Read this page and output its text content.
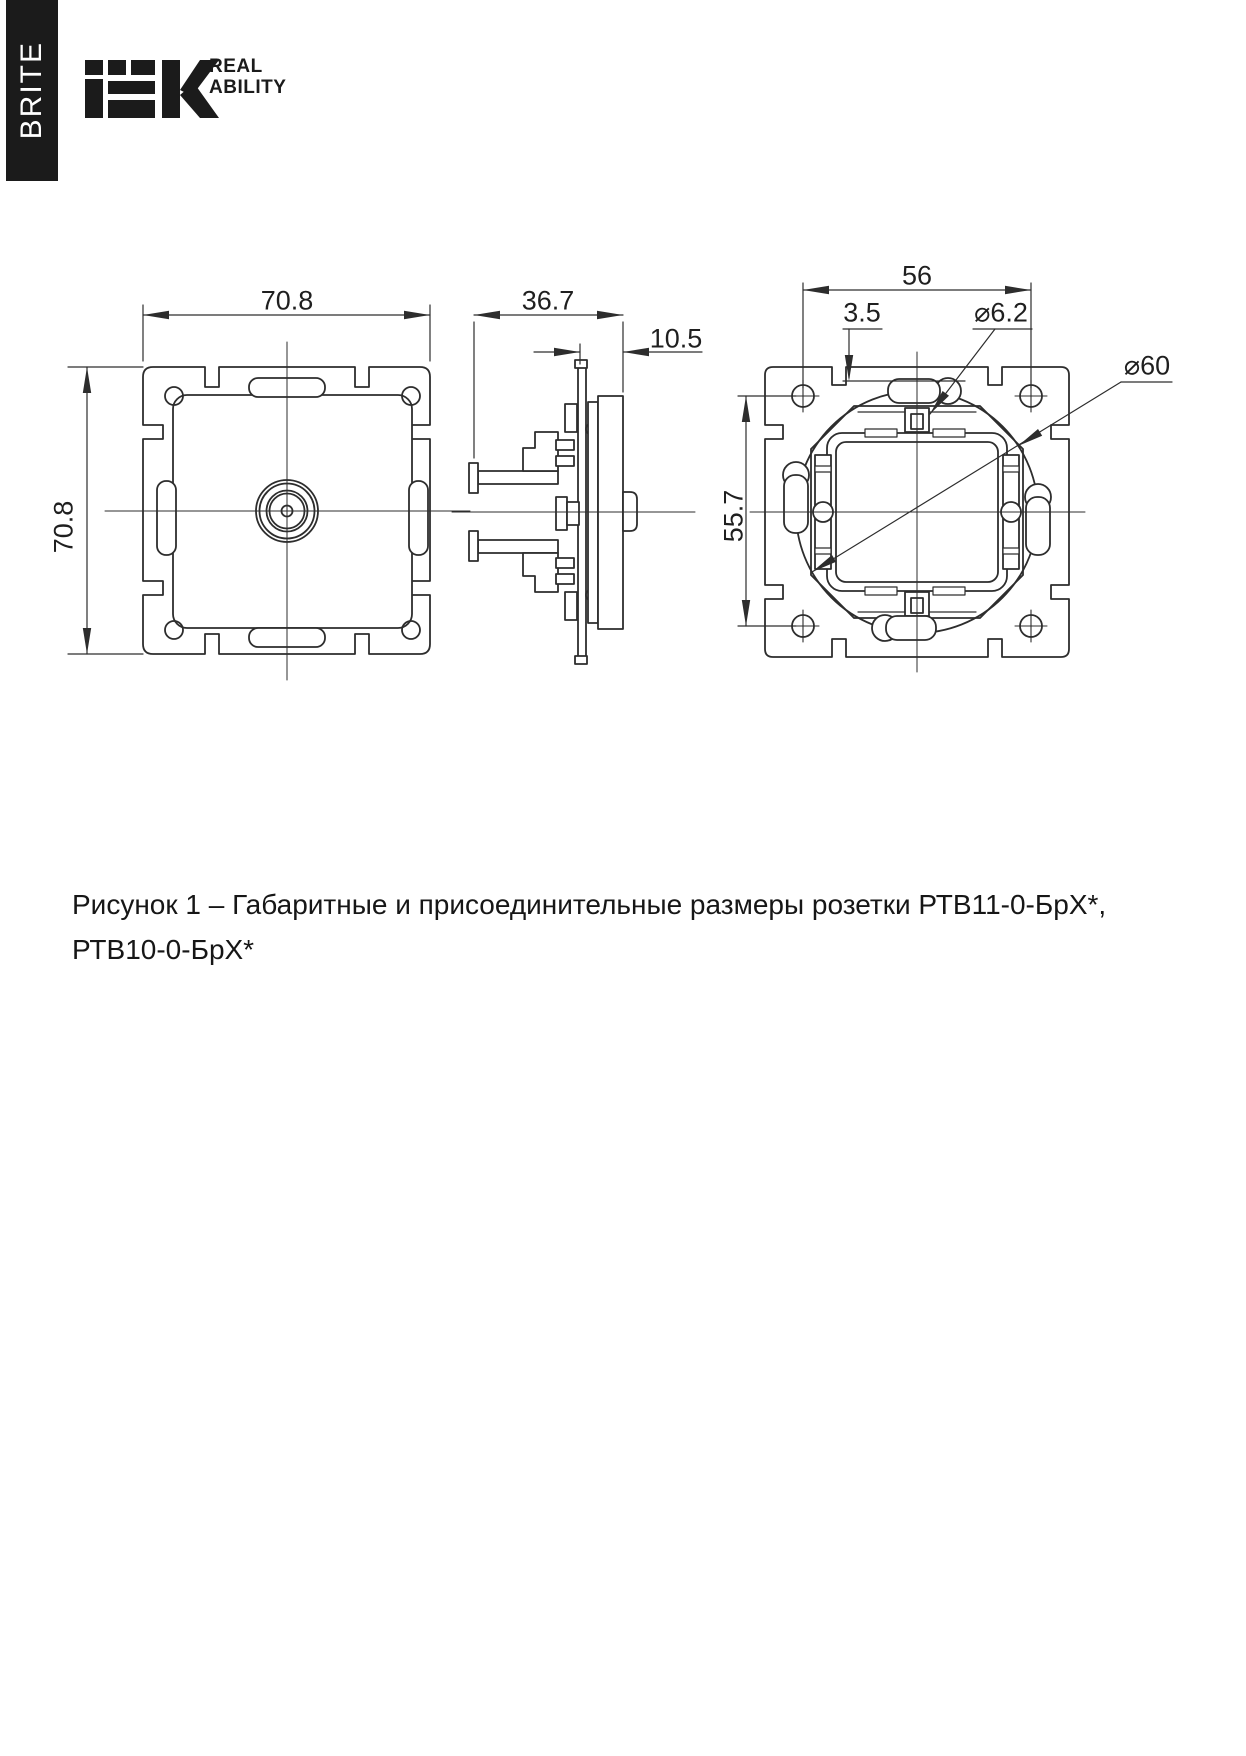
BRITE	REAL
ABILITY
70.8
70.8
36.7
10.5
56
3.5	⌀6.2
⌀60
55.7
Рисунок 1 – Габаритные и присоединительные размеры розетки РТВ11-0-БрХ*,
РТВ10-0-БрХ*
